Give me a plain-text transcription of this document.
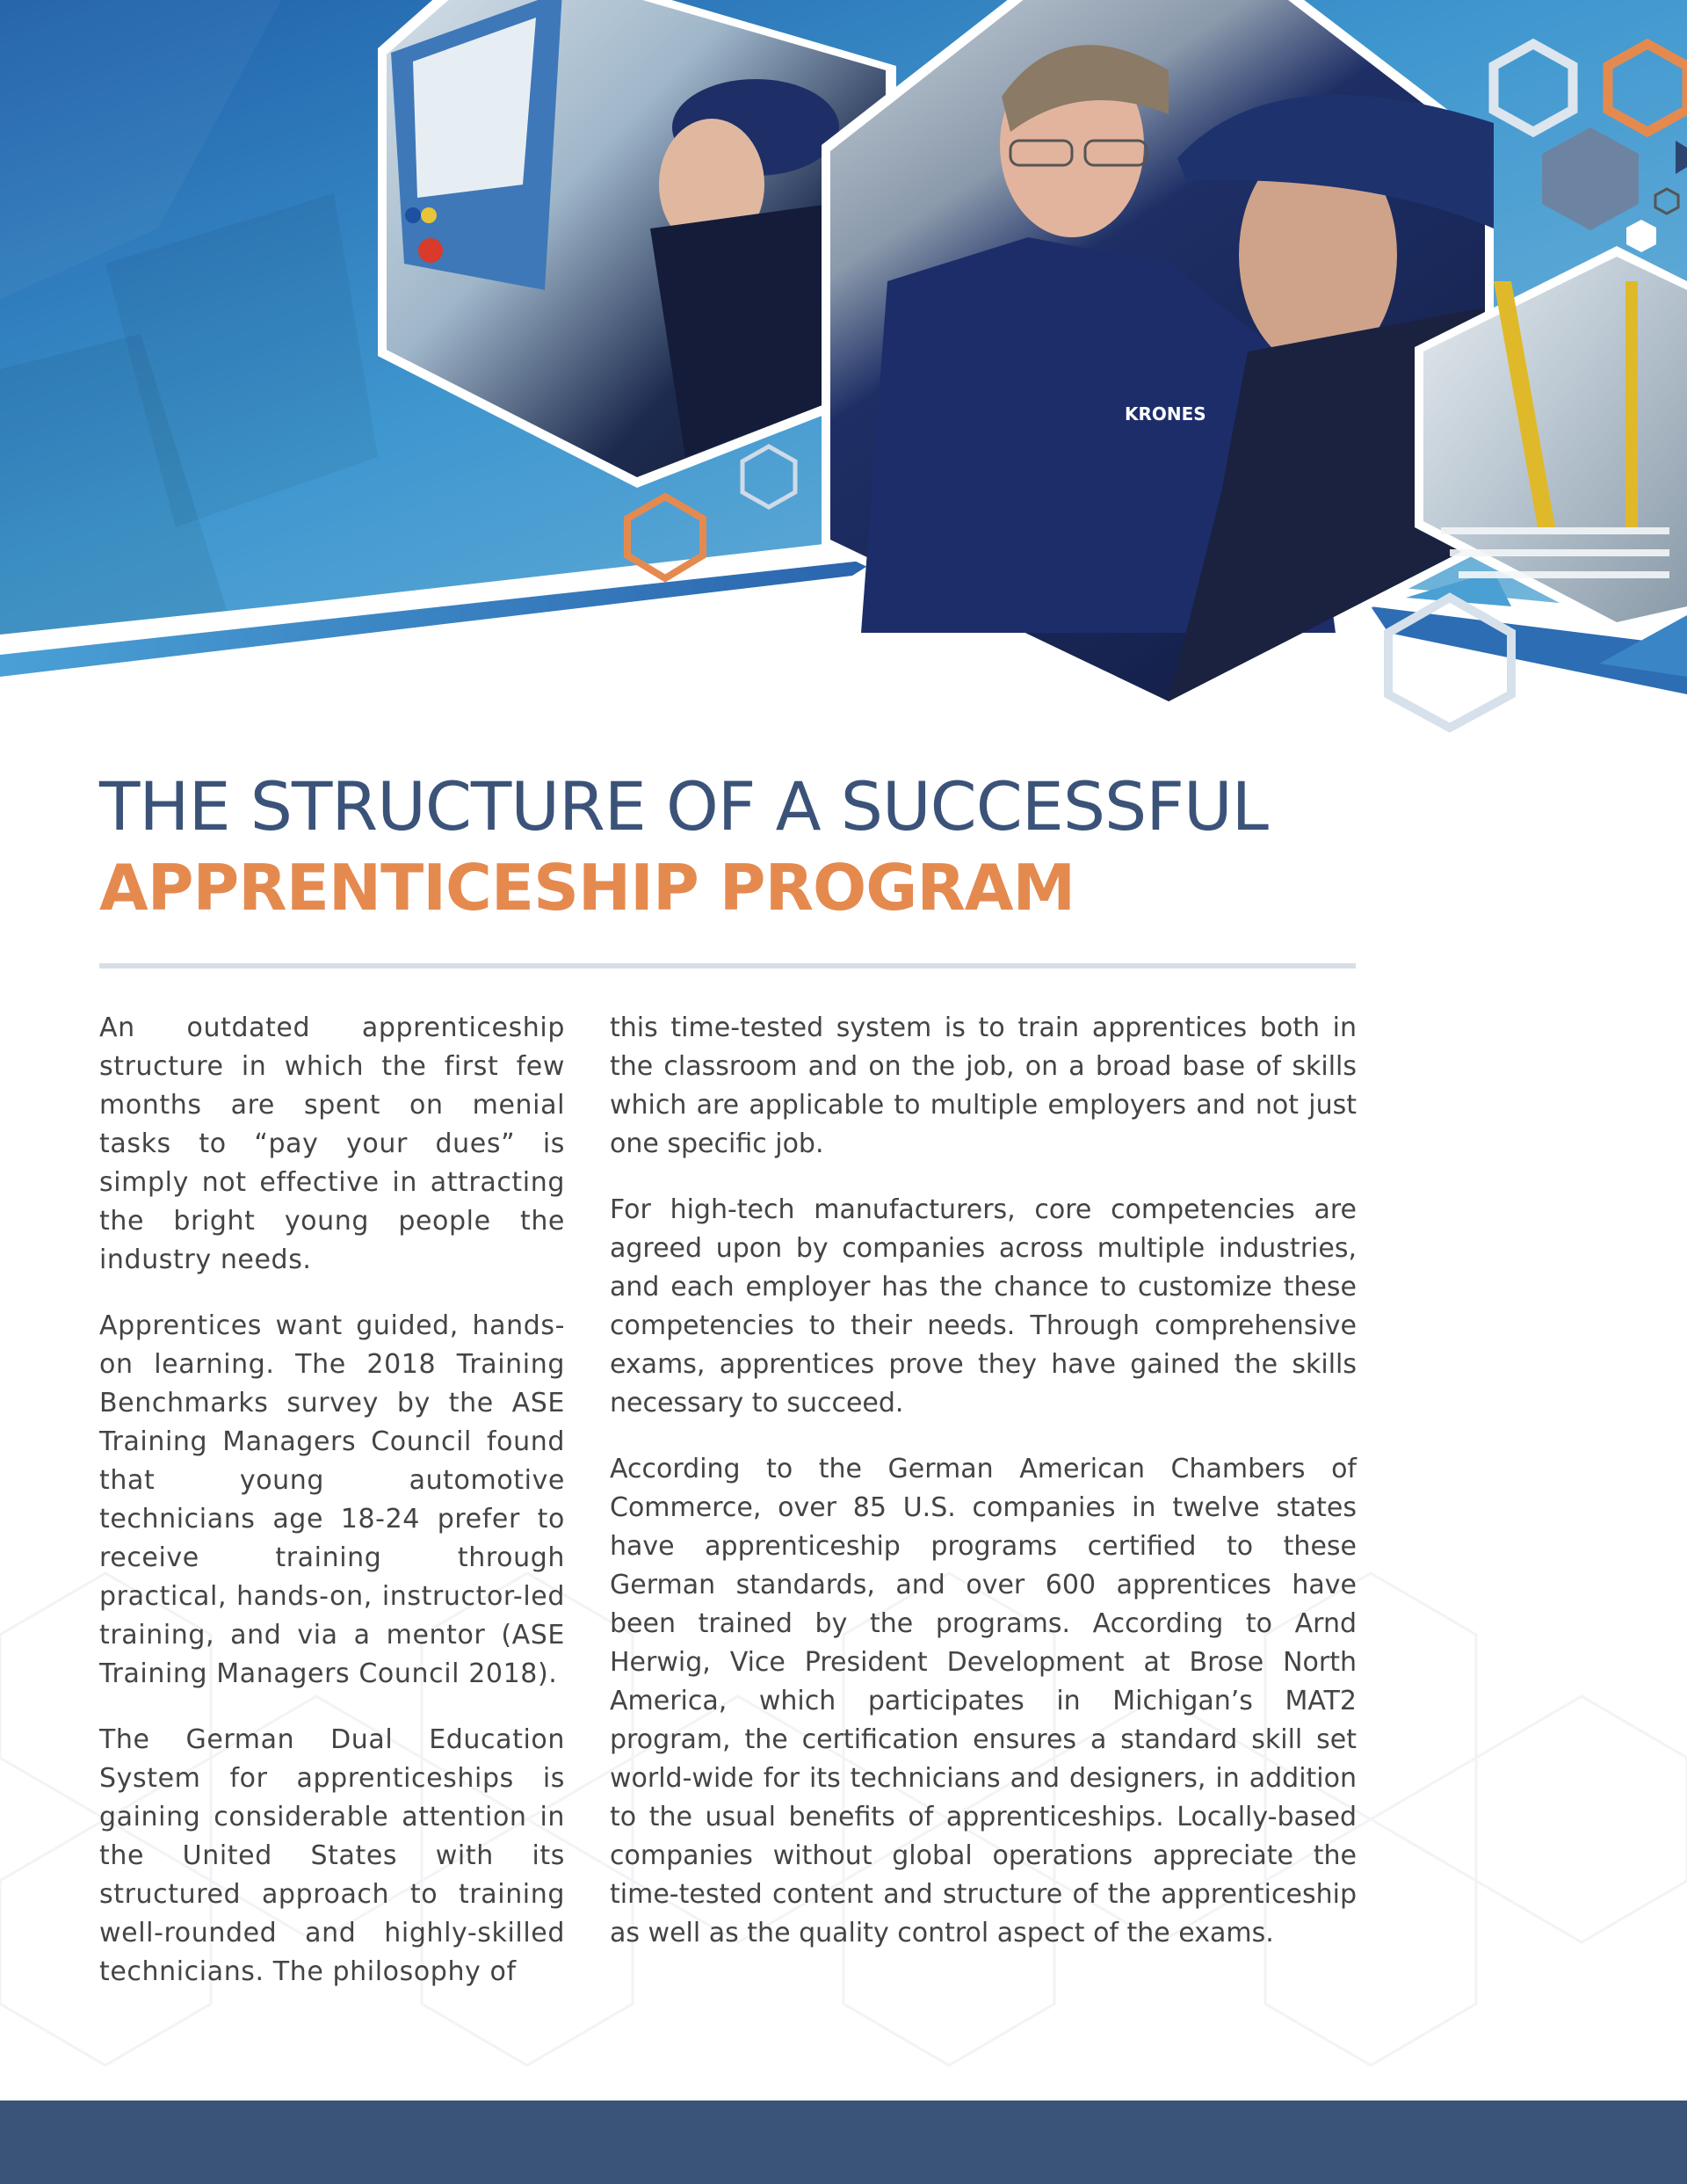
KRONES
THE STRUCTURE OF A SUCCESSFUL
APPRENTICESHIP PROGRAM

An outdated apprenticeship structure in which the first few months are spent on menial tasks to “pay your dues” is simply not effective in attracting the bright young people the industry needs.

Apprentices want guided, hands-on learning. The 2018 Training Benchmarks survey by the ASE Training Managers Council found that young automotive technicians age 18-24 prefer to receive training through practical, hands-on, instructor-led training, and via a mentor (ASE Training Managers Council 2018).

The German Dual Education System for apprenticeships is gaining considerable attention in the United States with its structured approach to training well-rounded and highly-skilled technicians. The philosophy of

this time-tested system is to train apprentices both in the classroom and on the job, on a broad base of skills which are applicable to multiple employers and not just one specific job.

For high-tech manufacturers, core competencies are agreed upon by companies across multiple industries, and each employer has the chance to customize these competencies to their needs. Through comprehensive exams, apprentices prove they have gained the skills necessary to succeed.

According to the German American Chambers of Commerce, over 85 U.S. companies in twelve states have apprenticeship programs certified to these German standards, and over 600 apprentices have been trained by the programs. According to Arnd Herwig, Vice President Development at Brose North America, which participates in Michigan’s MAT2 program, the certification ensures a standard skill set world-wide for its technicians and designers, in addition to the usual benefits of apprenticeships. Locally-based companies without global operations appreciate the time-tested content and structure of the apprenticeship as well as the quality control aspect of the exams.
